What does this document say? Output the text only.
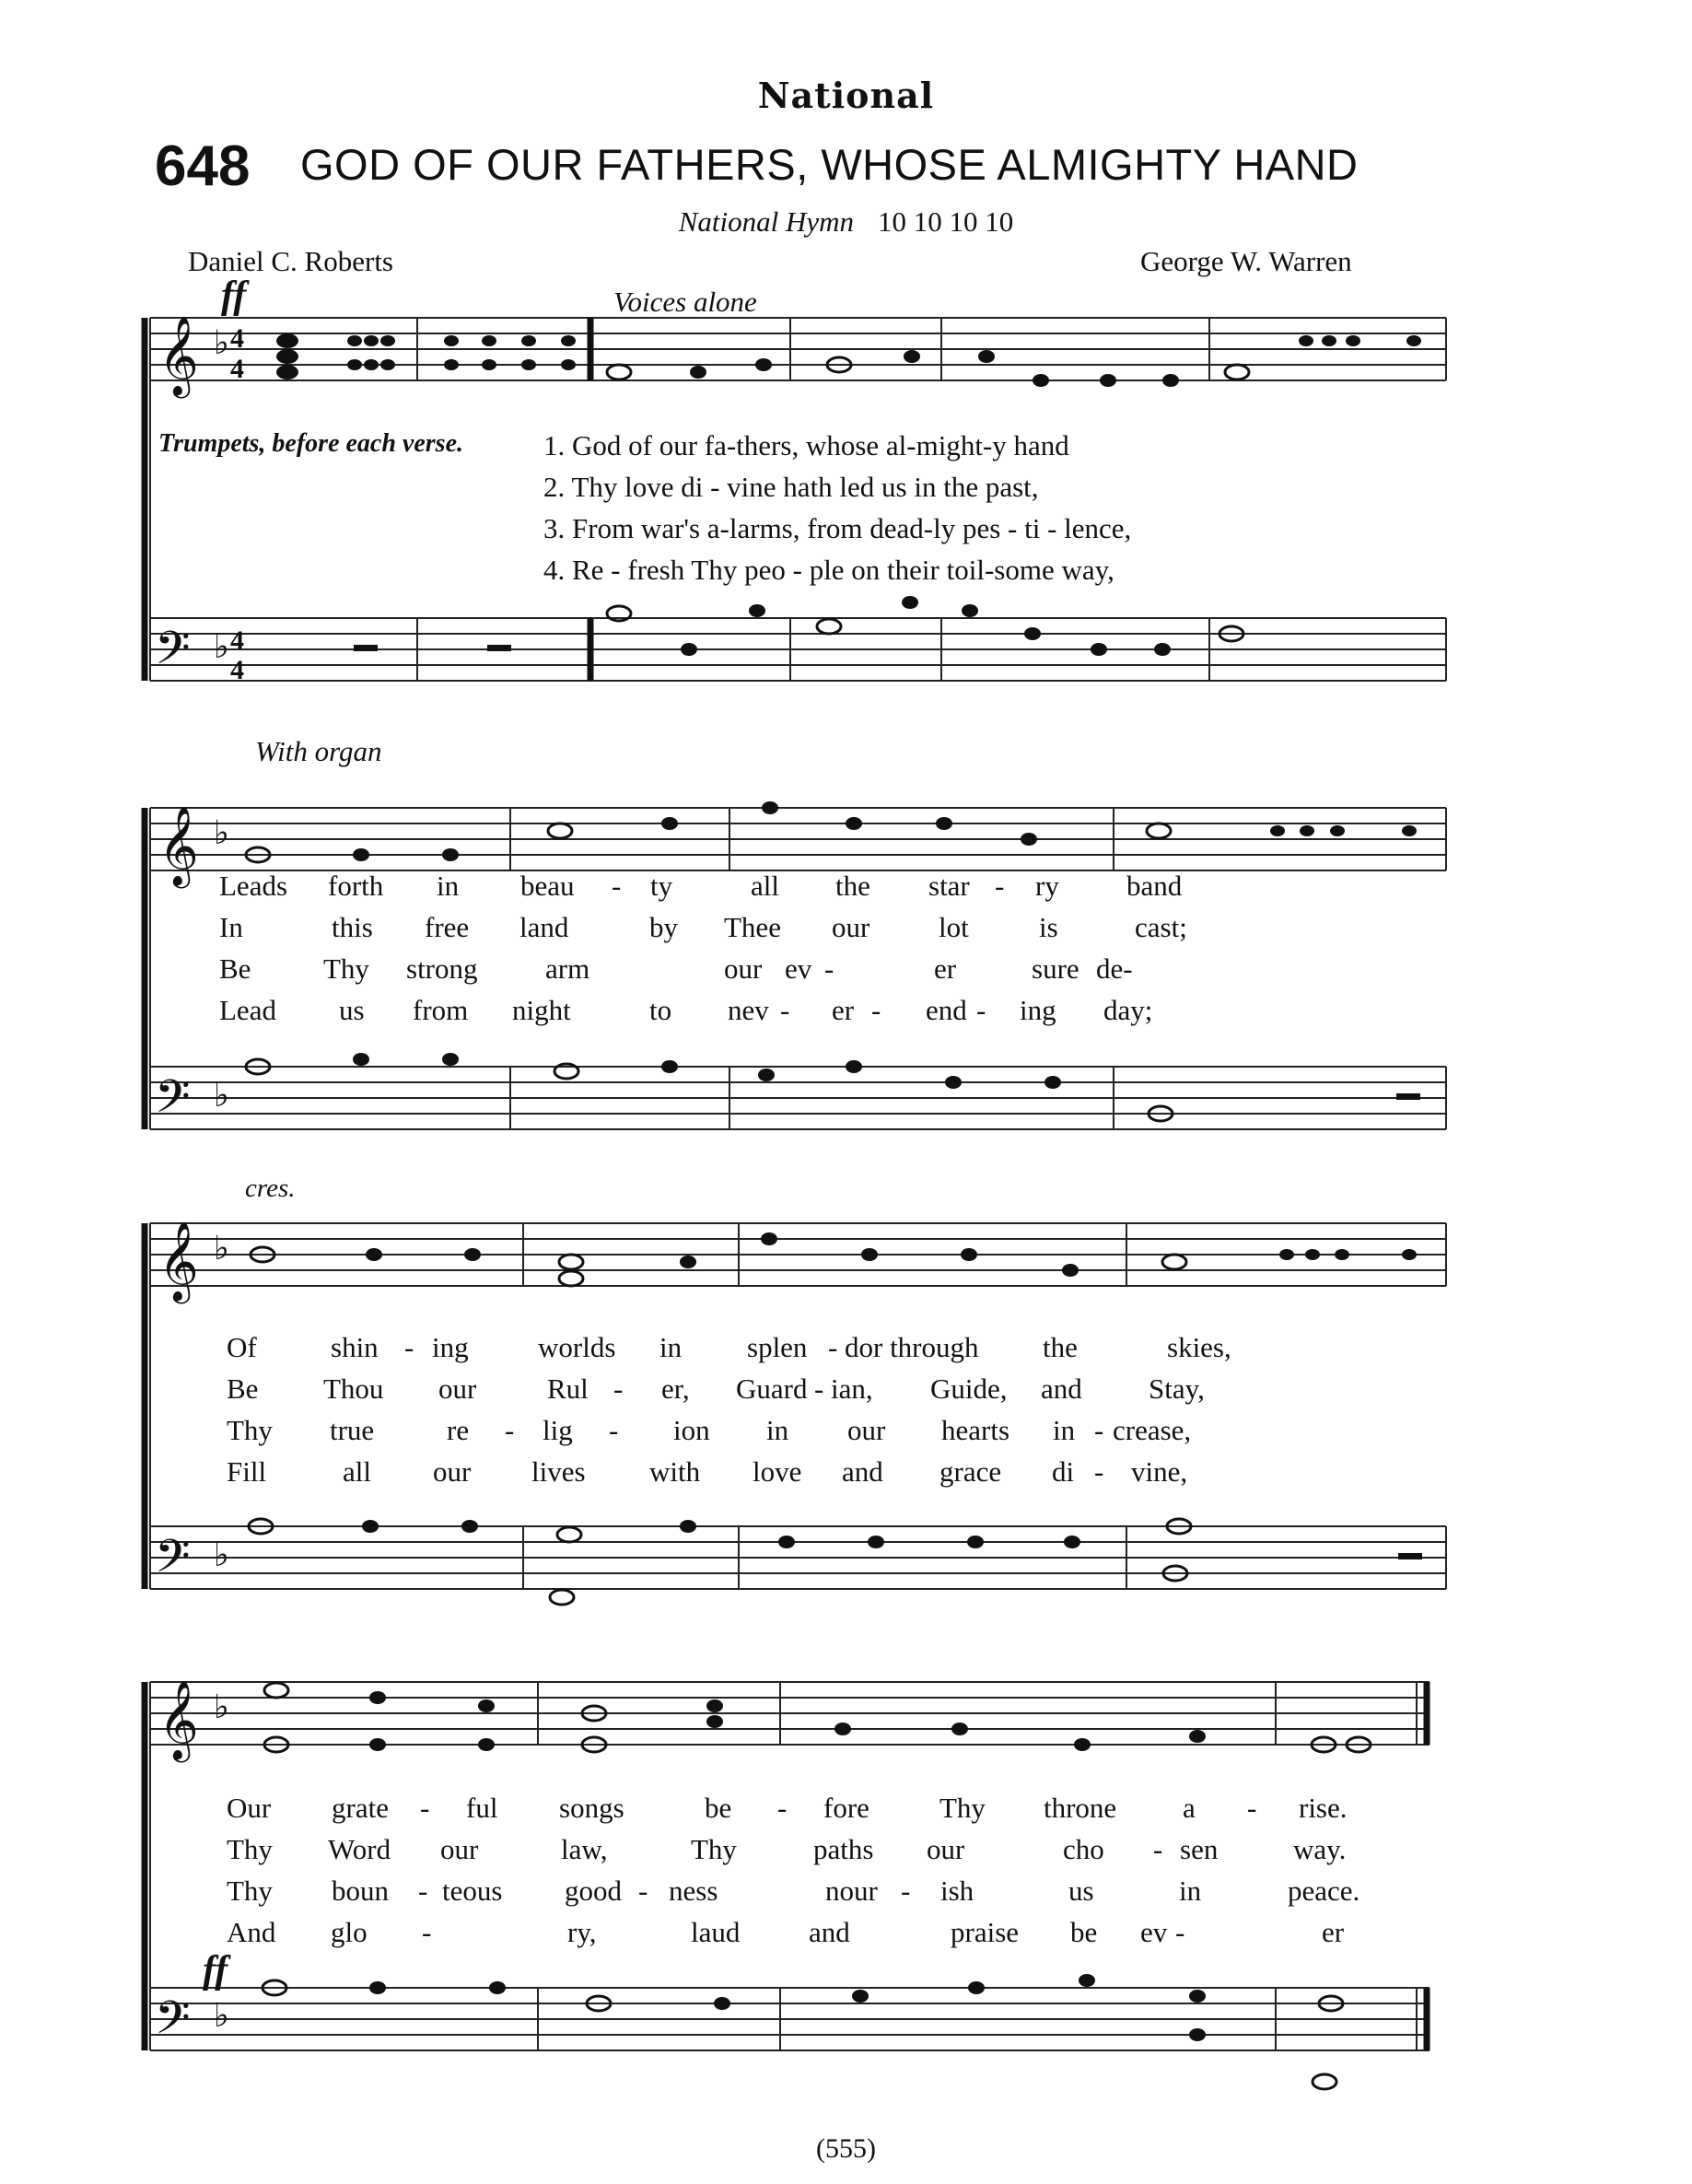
𝄞
𝄢
♭
♭
4
4
4
4
𝄞
𝄢
♭
♭
𝄞
𝄢
♭
♭
𝄞
𝄢
♭
♭
National
648 GOD OF OUR FATHERS, WHOSE ALMIGHTY HAND
National Hymn 10 10 10 10
Daniel C. Roberts	George W. Warren
ff	Voices alone
Trumpets, before each verse.	1. God of our fa-thers, whose al-might-y hand
2. Thy love di - vine hath led us in the past,
3. From war's a-larms, from dead-ly pes - ti - lence,
4. Re - fresh Thy peo - ple on their toil-some way,
With organ
Leads forth in beau - ty	all the star - ry band
In	this free land	by Thee our lot is	cast;
Be	Thy strong arm	our ev -	er	sure de-
Lead us from night	to nev - er - end - ing day;
cres.
Of	shin - ing worlds in splen - dor through the	skies,
Be Thou our Rul - er, Guard - ian, Guide, and Stay,
Thy true	re - lig - ion in our hearts in - crease,
Fill	all our lives with love and grace di - vine,
Our grate - ful songs	be - fore Thy throne a - rise.
Thy Word our	law,	Thy	paths our	cho - sen	way.
Thy boun - teous good - ness	nour - ish	us	in	peace.
And glo -	ry,	laud and	praise be ev -	er
ff
(555)
